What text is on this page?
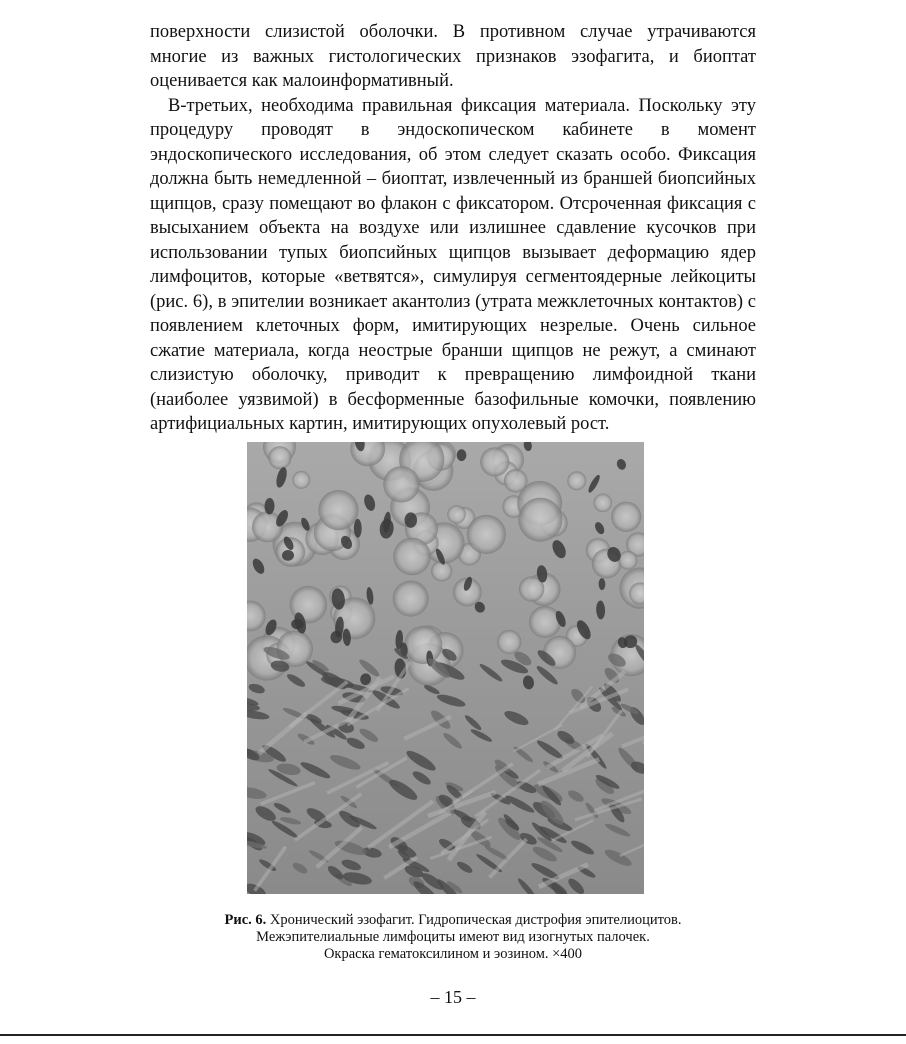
поверхности слизистой оболочки. В противном случае утрачиваются многие из важных гистологических признаков эзофагита, и биоптат оценивается как малоинформативный.

В-третьих, необходима правильная фиксация материала. Поскольку эту процедуру проводят в эндоскопическом кабинете в момент эндоскопического исследования, об этом следует сказать особо. Фиксация должна быть немедленной – биоптат, извлеченный из браншей биопсийных щипцов, сразу помещают во флакон с фиксатором. Отсроченная фиксация с высыханием объекта на воздухе или излишнее сдавление кусочков при использовании тупых биопсийных щипцов вызывает деформацию ядер лимфоцитов, которые «ветвятся», симулируя сегментоядерные лейкоциты (рис. 6), в эпителии возникает акантолиз (утрата межклеточных контактов) с появлением клеточных форм, имитирующих незрелые. Очень сильное сжатие материала, когда неострые бранши щипцов не режут, а сминают слизистую оболочку, приводит к превращению лимфоидной ткани (наиболее уязвимой) в бесформенные базофильные комочки, появлению артифициальных картин, имитирующих опухолевый рост.

Рис. 6. Хронический эзофагит. Гидропическая дистрофия эпителиоцитов.
Межэпителиальные лимфоциты имеют вид изогнутых палочек.
Окраска гематоксилином и эозином. ×400
– 15 –
